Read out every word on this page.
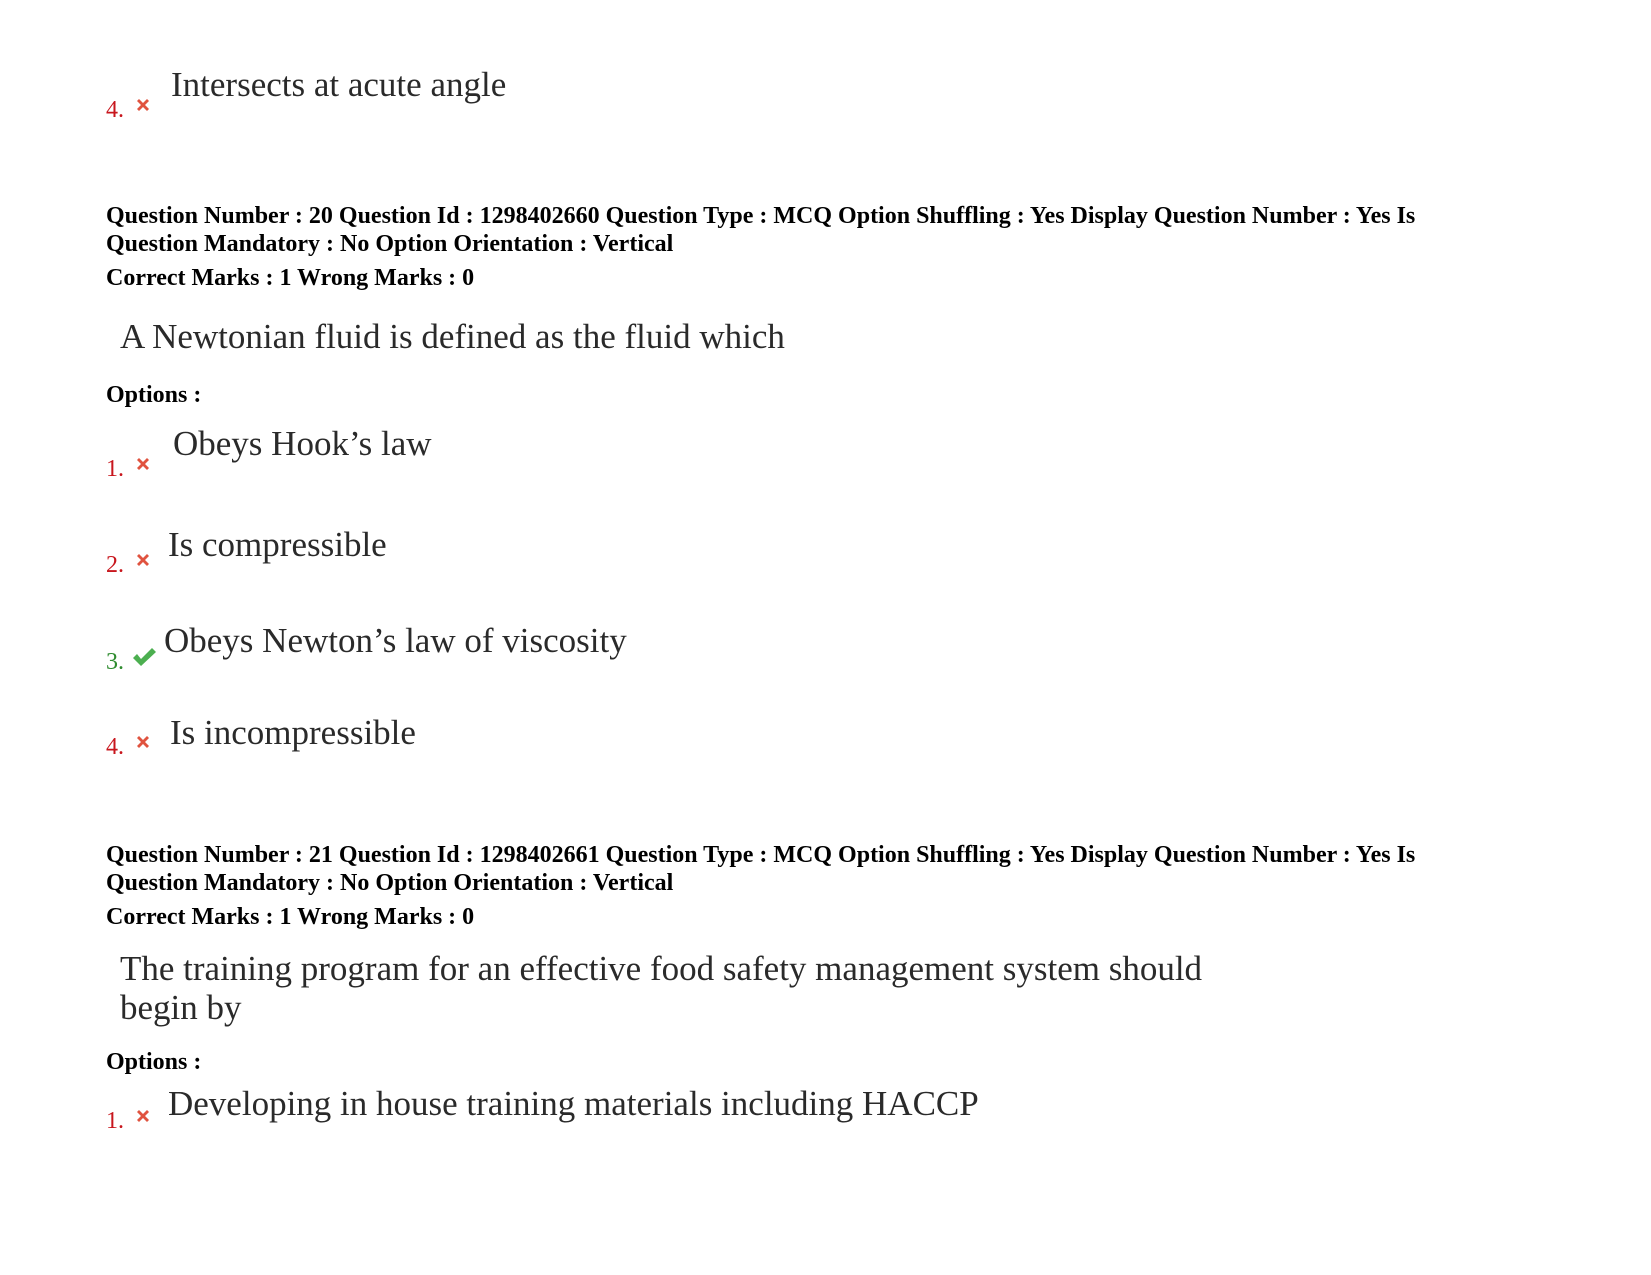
4.
Intersects at acute angle
Question Number : 20 Question Id : 1298402660 Question Type : MCQ Option Shuffling : Yes Display Question Number : Yes Is
Question Mandatory : No Option Orientation : Vertical
Correct Marks : 1 Wrong Marks : 0
A Newtonian fluid is defined as the fluid which
Options :
1.
Obeys Hook’s law
2.
Is compressible
3.
Obeys Newton’s law of viscosity
4. Is incompressible
Question Number : 21 Question Id : 1298402661 Question Type : MCQ Option Shuffling : Yes Display Question Number : Yes Is
Question Mandatory : No Option Orientation : Vertical
Correct Marks : 1 Wrong Marks : 0
The training program for an effective food safety management system should
begin by
Options :
1. Developing in house training materials including HACCP
